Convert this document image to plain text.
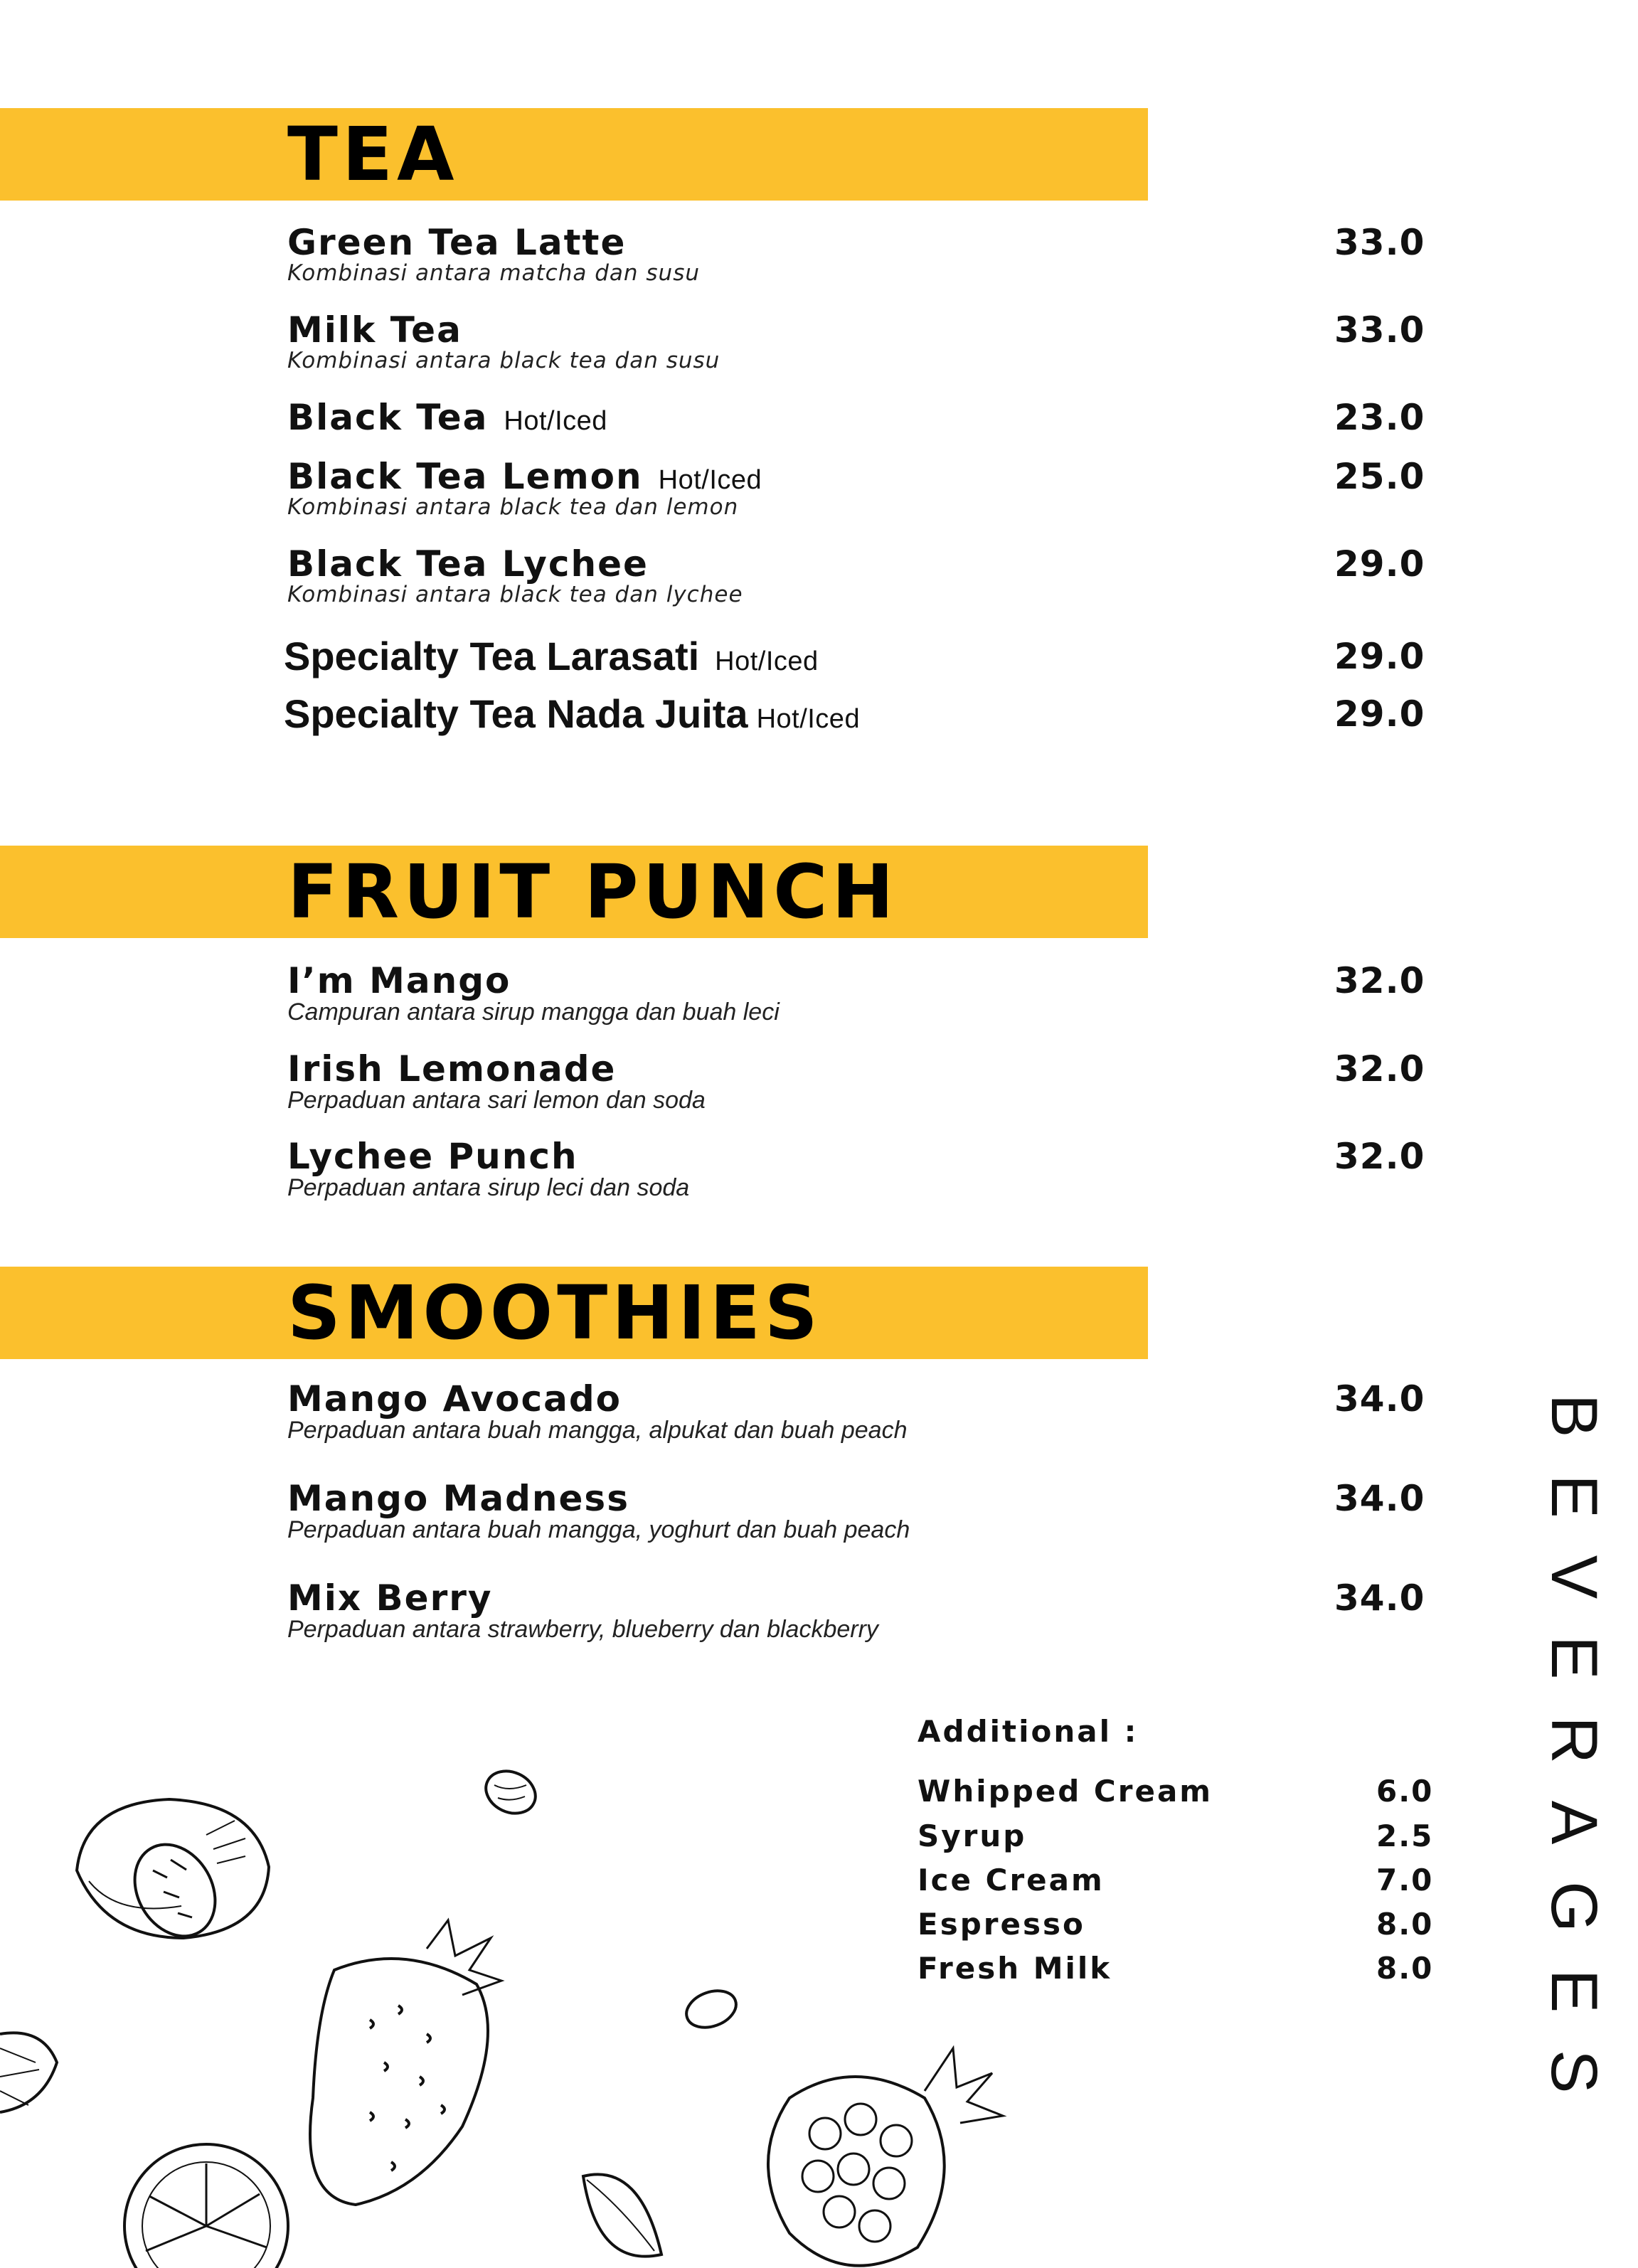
TEA
Green Tea Latte
Kombinasi antara matcha dan susu
33.0
Milk Tea
Kombinasi antara black tea dan susu
33.0
Black Tea Hot/Iced	23.0
Black Tea Lemon Hot/Iced
Kombinasi antara black tea dan lemon
25.0
Black Tea Lychee
Kombinasi antara black tea dan lychee
29.0
Specialty Tea Larasati Hot/Iced	29.0
Specialty Tea Nada Juita Hot/Iced	29.0
FRUIT PUNCH
I’m Mango
Campuran antara sirup mangga dan buah leci
32.0
Irish Lemonade
Perpaduan antara sari lemon dan soda
32.0
Lychee Punch
Perpaduan antara sirup leci dan soda
32.0
SMOOTHIES
Mango Avocado
Perpaduan antara buah mangga, alpukat dan buah peach
34.0
Mango Madness
Perpaduan antara buah mangga, yoghurt dan buah peach
34.0
Mix Berry
Perpaduan antara strawberry, blueberry dan blackberry
34.0 BEVERAGES
Additional :
Whipped Cream	6.0
Syrup	2.5
Ice Cream	7.0
Espresso	8.0
Fresh Milk	8.0
